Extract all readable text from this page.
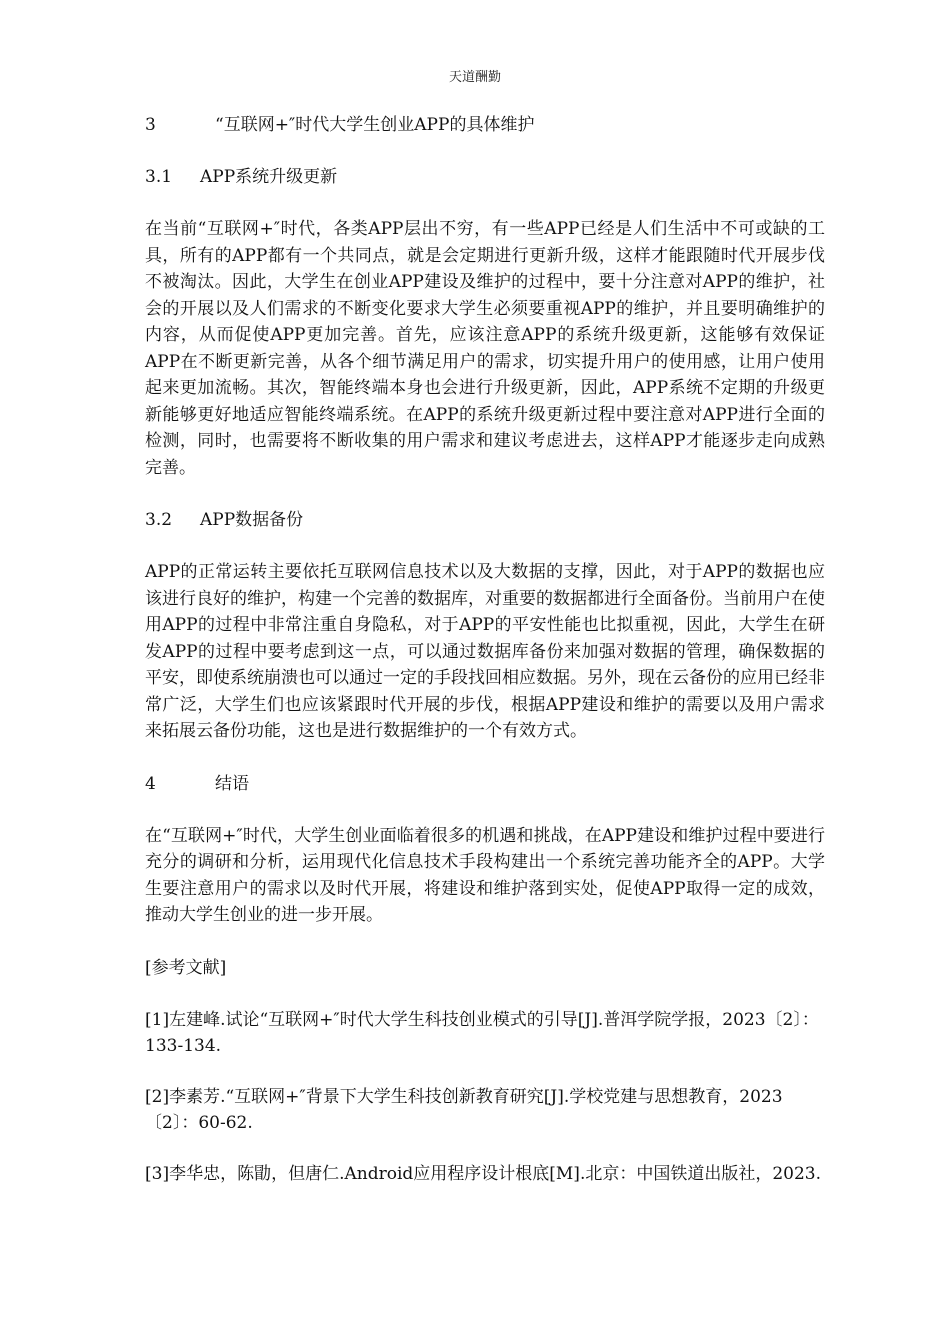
天道酬勤
3	“互联网+″时代大学生创业APP的具体维护
3.1 APP系统升级更新

在当前“互联网+″时代，各类APP层出不穷，有一些APP已经是人们生活中不可或缺的工具，所有的APP都有一个共同点，就是会定期进行更新升级，这样才能跟随时代开展步伐不被淘汰。因此，大学生在创业APP建设及维护的过程中，要十分注意对APP的维护，社会的开展以及人们需求的不断变化要求大学生必须要重视APP的维护，并且要明确维护的内容，从而促使APP更加完善。首先，应该注意APP的系统升级更新，这能够有效保证APP在不断更新完善，从各个细节满足用户的需求，切实提升用户的使用感，让用户使用起来更加流畅。其次，智能终端本身也会进行升级更新，因此，APP系统不定期的升级更新能够更好地适应智能终端系统。在APP的系统升级更新过程中要注意对APP进行全面的检测，同时，也需要将不断收集的用户需求和建议考虑进去，这样APP才能逐步走向成熟完善。

3.2 APP数据备份

APP的正常运转主要依托互联网信息技术以及大数据的支撑，因此，对于APP的数据也应该进行良好的维护，构建一个完善的数据库，对重要的数据都进行全面备份。当前用户在使用APP的过程中非常注重自身隐私，对于APP的平安性能也比拟重视，因此，大学生在研发APP的过程中要考虑到这一点，可以通过数据库备份来加强对数据的管理，确保数据的平安，即使系统崩溃也可以通过一定的手段找回相应数据。另外，现在云备份的应用已经非常广泛，大学生们也应该紧跟时代开展的步伐，根据APP建设和维护的需要以及用户需求来拓展云备份功能，这也是进行数据维护的一个有效方式。

4	结语

在“互联网+″时代，大学生创业面临着很多的机遇和挑战，在APP建设和维护过程中要进行充分的调研和分析，运用现代化信息技术手段构建出一个系统完善功能齐全的APP。大学生要注意用户的需求以及时代开展，将建设和维护落到实处，促使APP取得一定的成效，推动大学生创业的进一步开展。

[参考文献]

[1]左建峰.试论“互联网+″时代大学生科技创业模式的引导[J].普洱学院学报，2023〔2〕：133-134.

[2]李素芳.“互联网+″背景下大学生科技创新教育研究[J].学校党建与思想教育，2023〔2〕：60-62.

[3]李华忠，陈勖，但唐仁.Android应用程序设计根底[M].北京：中国铁道出版社，2023.
